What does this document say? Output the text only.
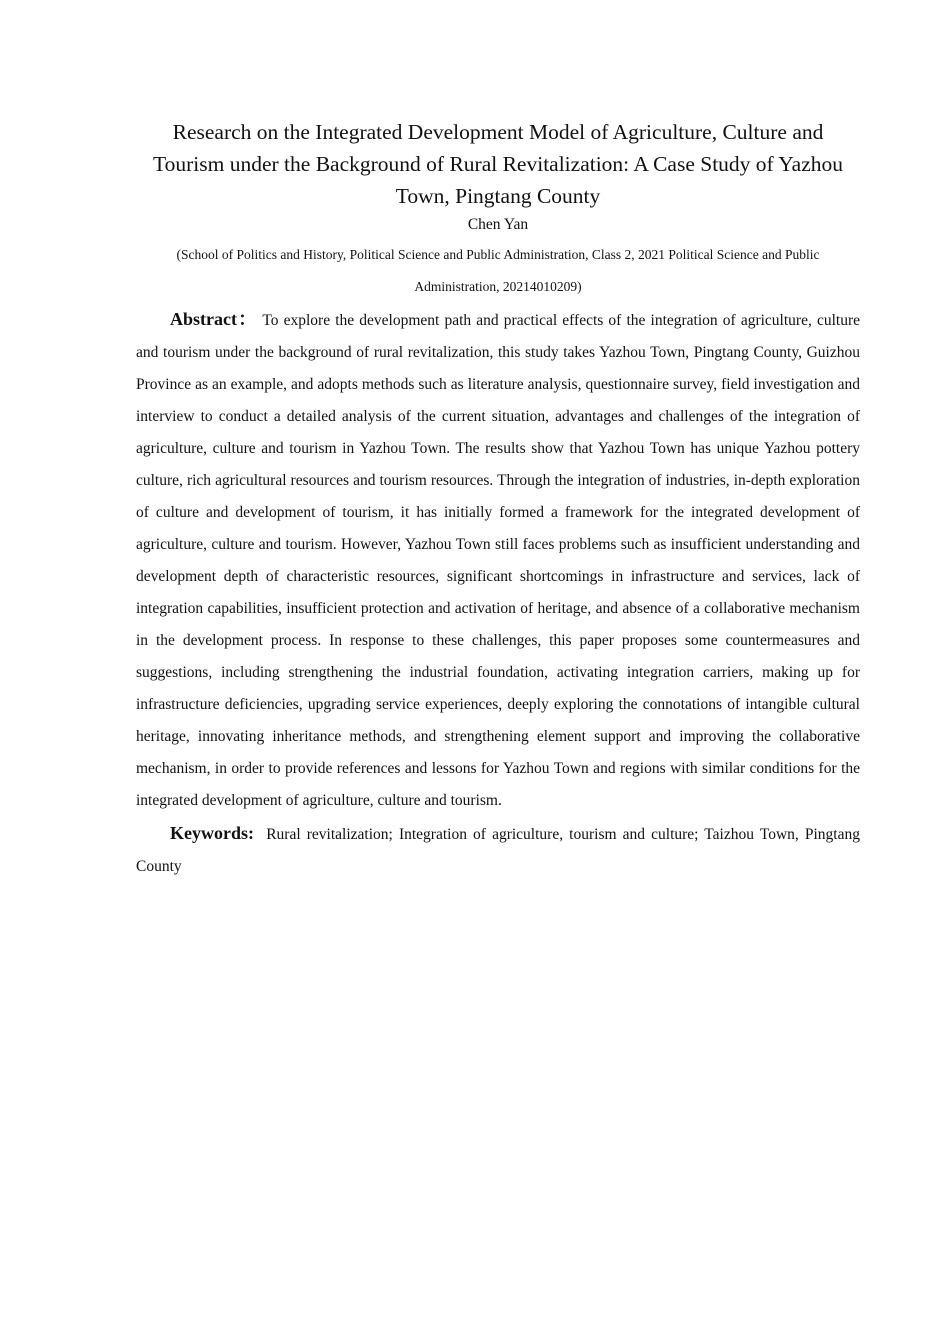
Research on the Integrated Development Model of Agriculture, Culture and Tourism under the Background of Rural Revitalization: A Case Study of Yazhou Town, Pingtang County

Chen Yan

(School of Politics and History, Political Science and Public Administration, Class 2, 2021 Political Science and Public Administration, 20214010209)

Abstract： To explore the development path and practical effects of the integration of agriculture, culture and tourism under the background of rural revitalization, this study takes Yazhou Town, Pingtang County, Guizhou Province as an example, and adopts methods such as literature analysis, questionnaire survey, field investigation and interview to conduct a detailed analysis of the current situation, advantages and challenges of the integration of agriculture, culture and tourism in Yazhou Town. The results show that Yazhou Town has unique Yazhou pottery culture, rich agricultural resources and tourism resources. Through the integration of industries, in-depth exploration of culture and development of tourism, it has initially formed a framework for the integrated development of agriculture, culture and tourism. However, Yazhou Town still faces problems such as insufficient understanding and development depth of characteristic resources, significant shortcomings in infrastructure and services, lack of integration capabilities, insufficient protection and activation of heritage, and absence of a collaborative mechanism in the development process. In response to these challenges, this paper proposes some countermeasures and suggestions, including strengthening the industrial foundation, activating integration carriers, making up for infrastructure deficiencies, upgrading service experiences, deeply exploring the connotations of intangible cultural heritage, innovating inheritance methods, and strengthening element support and improving the collaborative mechanism, in order to provide references and lessons for Yazhou Town and regions with similar conditions for the integrated development of agriculture, culture and tourism.

Keywords: Rural revitalization; Integration of agriculture, tourism and culture; Taizhou Town, Pingtang County
